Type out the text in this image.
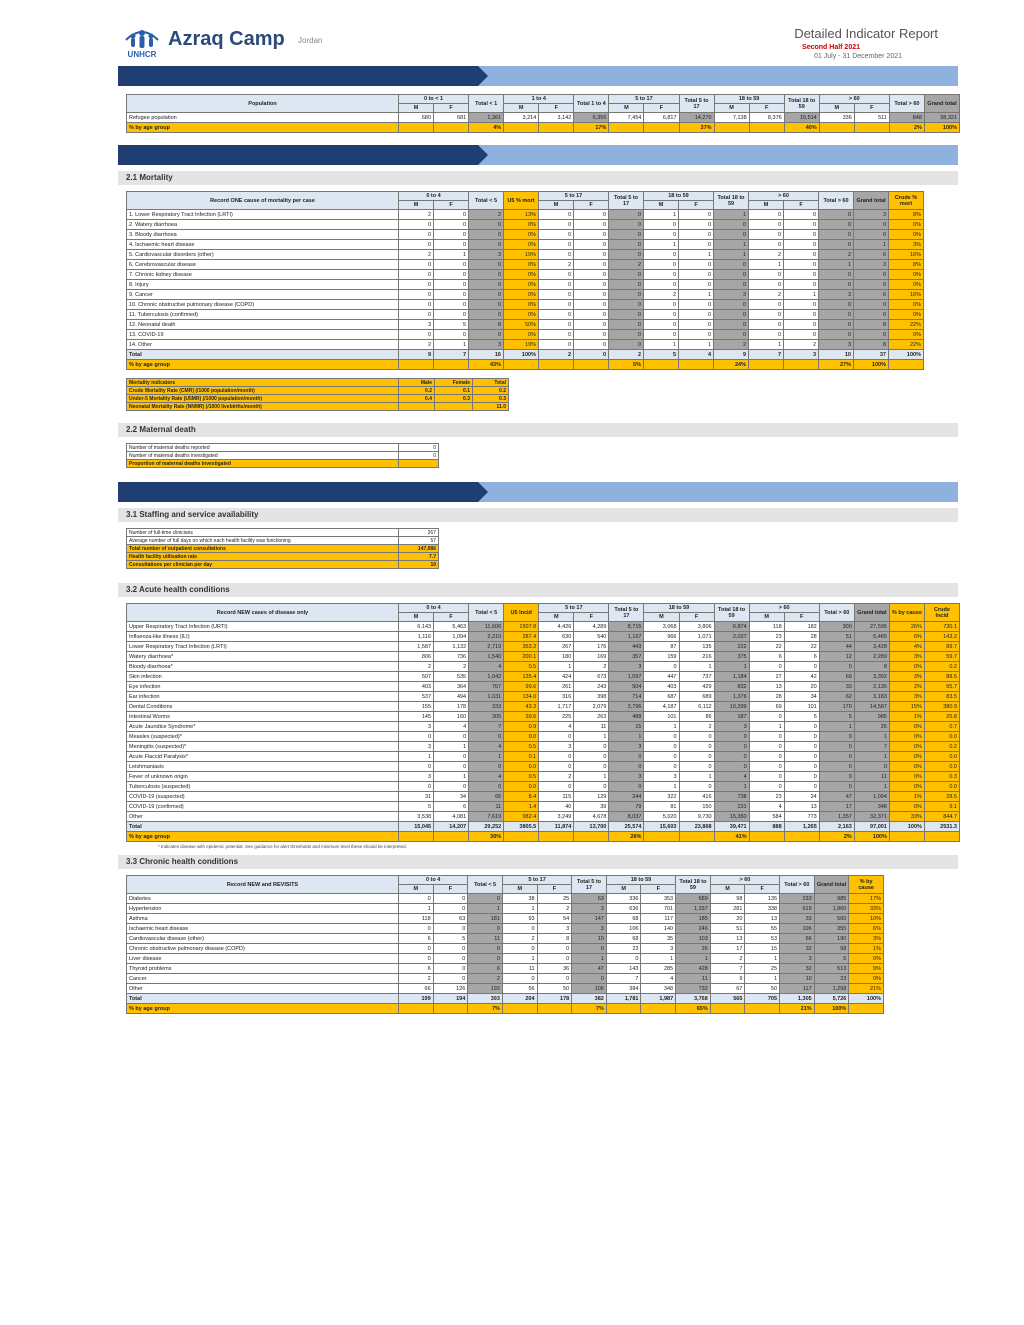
UNHCR
Azraq Camp Jordan	Detailed Indicator Report
Second Half 2021
01 July - 31 December 2021
Population	0 to < 1		Total < 1	1 to 4		Total 1 to 4	5 to 17		Total 5 to 17	18 to 59		Total 18 to 59	> 60		Total > 60	Grand total
	M	F		M	F		M	F		M	F		M	F		
Refugee population	680	681	1,361	3,214	3,142	6,356	7,454	6,817	14,270	7,138	8,376	15,514	336	511	848	38,321
% by age group			4%			17%			37%			40%			2%	100%
2.1 Mortality
Record ONE cause of mortality per case	0 to 4		Total < 5	U5 % mort	5 to 17		Total 5 to 17	18 to 59		Total 18 to 59	> 60		Total > 60	Grand total	Crude % mort
	M	F			M	F		M	F		M	F			
1. Lower Respiratory Tract Infection (LRTI)	2	0	2	13%	0	0	0	1	0	1	0	0	0	3	8%
2. Watery diarrhoea	0	0	0	0%	0	0	0	0	0	0	0	0	0	0	0%
3. Bloody diarrhoea	0	0	0	0%	0	0	0	0	0	0	0	0	0	0	0%
4. Ischaemic heart disease	0	0	0	0%	0	0	0	1	0	1	0	0	0	1	3%
5. Cardiovascular disorders (other)	2	1	3	19%	0	0	0	0	1	1	2	0	2	6	16%
6. Cerebrovascular disease	0	0	0	0%	2	0	2	0	0	0	1	0	1	3	8%
7. Chronic kidney disease	0	0	0	0%	0	0	0	0	0	0	0	0	0	0	0%
8. Injury	0	0	0	0%	0	0	0	0	0	0	0	0	0	0	0%
9. Cancer	0	0	0	0%	0	0	0	2	1	3	2	1	3	6	16%
10. Chronic obstructive pulmonary disease (COPD)	0	0	0	0%	0	0	0	0	0	0	0	0	0	0	0%
11. Tuberculosis (confirmed)	0	0	0	0%	0	0	0	0	0	0	0	0	0	0	0%
12. Neonatal death	3	5	8	50%	0	0	0	0	0	0	0	0	0	8	22%
13. COVID-19	0	0	0	0%	0	0	0	0	0	0	0	0	0	0	0%
14. Other	2	1	3	19%	0	0	0	1	1	2	1	2	3	8	22%
Total	9	7	16	100%	2	0	2	5	4	9	7	3	10	37	100%
% by age group			43%				5%			24%			27%	100%	
Mortality indicators	Male	Female	Total
Crude Mortality Rate (CMR) (/1000 population/month)	0.2	0.1	0.2
Under-5 Mortality Rate (U5MR) (/1000 population/month)	0.4	0.3	0.3
Neonatal Mortality Rate (NNMR) (/1000 livebirths/month)			11.0
2.2 Maternal death
Number of maternal deaths reported	0
Number of maternal deaths investigated	0
Proportion of maternal deaths investigated	
3.1 Staffing and service availability
Number of full-time clinicians	267
Average number of full days on which each health facility was functioning	57
Total number of outpatient consultations	147,086
Health facility utilisation rate	7.7
Consultations per clinician per day	10
3.2 Acute health conditions
Record NEW cases of disease only	0 to 4		Total < 5	U5 Incid	5 to 17		Total 5 to 17	18 to 59		Total 18 to 59	> 60		Total > 60	Grand total	% by cause	Crude Incid
	M	F			M	F		M	F		M	F				
Upper Respiratory Tract Infection (URTI)	6,143	5,463	11,606	1507.8	4,426	4,289	8,715	3,068	3,806	6,874	118	182	300	27,595	26%	730.1
Influenza-like illness (ILI)	1,116	1,094	2,210	287.4	630	540	1,167	966	1,071	2,037	23	28	51	5,465	6%	143.2
Lower Respiratory Tract Infection (LRTI)	1,587	1,132	2,719	353.2	267	176	443	87	135	222	22	22	44	3,428	4%	89.7
Watery diarrhoea*	806	736	1,540	200.1	180	169	357	159	216	375	6	6	12	2,289	3%	59.7
Bloody diarrhoea*	2	2	4	0.5	1	2	3	0	1	1	0	0	0	8	0%	0.2
Skin infection	507	535	1,042	135.4	424	673	1,097	447	737	1,184	27	42	69	3,392	3%	88.5
Eye infection	403	364	767	99.6	261	243	504	403	429	832	13	20	33	2,136	2%	55.7
Ear infection	537	494	1,031	134.0	316	398	714	687	689	1,376	28	34	62	3,183	3%	83.5
Dental Conditions	155	178	333	43.3	1,717	2,079	3,796	4,187	6,112	10,299	69	101	170	14,587	15%	380.9
Intestinal Worms	145	160	305	39.6	225	263	488	101	86	187	0	5	5	985	1%	25.8
Acute Jaundice Syndrome*	3	4	7	0.9	4	11	15	1	2	3	1	0	1	26	0%	0.7
Measles (suspected)*	0	0	0	0.0	0	1	1	0	0	0	0	0	0	1	0%	0.0
Meningitis (suspected)*	3	1	4	0.5	3	0	3	0	0	0	0	0	0	7	0%	0.2
Acute Flaccid Paralysis*	1	0	1	0.1	0	0	0	0	0	0	0	0	0	1	0%	0.0
Leishmaniasis	0	0	0	0.0	0	0	0	0	0	0	0	0	0	0	0%	0.0
Fever of unknown origin	3	1	4	0.5	2	1	3	3	1	4	0	0	0	11	0%	0.3
Tuberculosis (suspected)	0	0	0	0.0	0	0	0	1	0	1	0	0	0	1	0%	0.0
COVID-19 (suspected)	31	34	65	8.4	115	129	244	322	416	738	23	24	47	1,094	1%	28.5
COVID-19 (confirmed)	5	6	11	1.4	40	39	79	81	150	231	4	13	17	348	0%	9.1
Other	3,538	4,081	7,619	982.4	3,249	4,678	8,037	5,020	9,730	15,350	584	773	1,357	32,371	33%	844.7
Total	15,045	14,207	29,252	3805.5	11,874	13,700	25,574	15,603	23,868	39,471	888	1,265	2,163	97,001	100%	2531.3
% by age group			30%				26%			41%			2%	100%		
* Indicates disease with epidemic potential. See guidance for alert thresholds and minimum level these should be interpreted.
3.3 Chronic health conditions
Record NEW and REVISITS	0 to 4		Total < 5	5 to 17		Total 5 to 17	18 to 59		Total 18 to 59	> 60		Total > 60	Grand total	% by cause
	M	F		M	F		M	F		M	F			
Diabetes	0	0	0	38	25	63	336	353	689	98	135	233	985	17%
Hypertension	1	0	1	1	2	3	636	701	1,337	281	338	619	1,960	33%
Asthma	118	63	181	93	54	147	68	117	185	20	13	33	560	10%
Ischaemic heart disease	0	0	0	0	3	3	106	140	246	51	55	106	355	6%
Cardiovascular disease (other)	6	5	11	2	8	10	68	35	103	13	53	66	190	3%
Chronic obstructive pulmonary disease (COPD)	0	0	0	0	0	0	23	3	26	17	15	32	58	1%
Liver disease	0	0	0	1	0	1	0	1	1	2	1	3	5	0%
Thyroid problems	6	0	6	11	36	47	143	285	428	7	25	32	513	9%
Cancer	2	0	2	0	0	0	7	4	11	9	1	10	23	0%
Other	66	126	192	56	50	106	384	348	732	67	50	117	1,258	21%
Total	199	194	393	204	178	382	1,781	1,987	3,768	565	705	1,305	5,726	100%
% by age group			7%			7%			65%			21%	100%	
